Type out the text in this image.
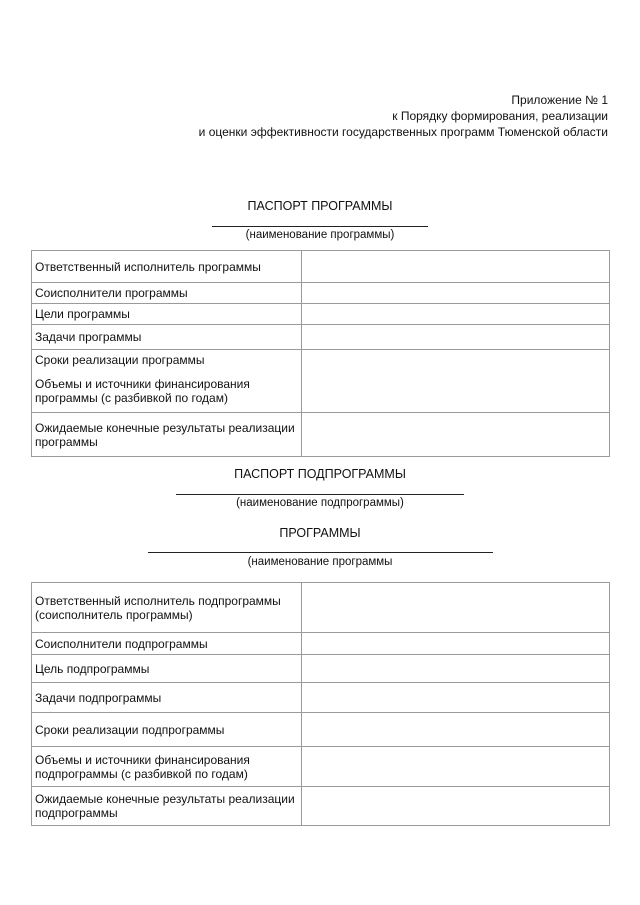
Приложение № 1
к Порядку формирования, реализации
и оценки эффективности государственных программ Тюменской области
ПАСПОРТ ПРОГРАММЫ
(наименование программы)
Ответственный исполнитель программы	
Соисполнители программы	
Цели программы	
Задачи программы	
Сроки реализации программы	
Объемы и источники финансирования программы (с разбивкой по годам)	
Ожидаемые конечные результаты реализации программы	
ПАСПОРТ ПОДПРОГРАММЫ
(наименование подпрограммы)
ПРОГРАММЫ
(наименование программы
Ответственный исполнитель подпрограммы (соисполнитель программы)	
Соисполнители подпрограммы	
Цель подпрограммы	
Задачи подпрограммы	
Сроки реализации подпрограммы	
Объемы и источники финансирования подпрограммы (с разбивкой по годам)	
Ожидаемые конечные результаты реализации подпрограммы	
